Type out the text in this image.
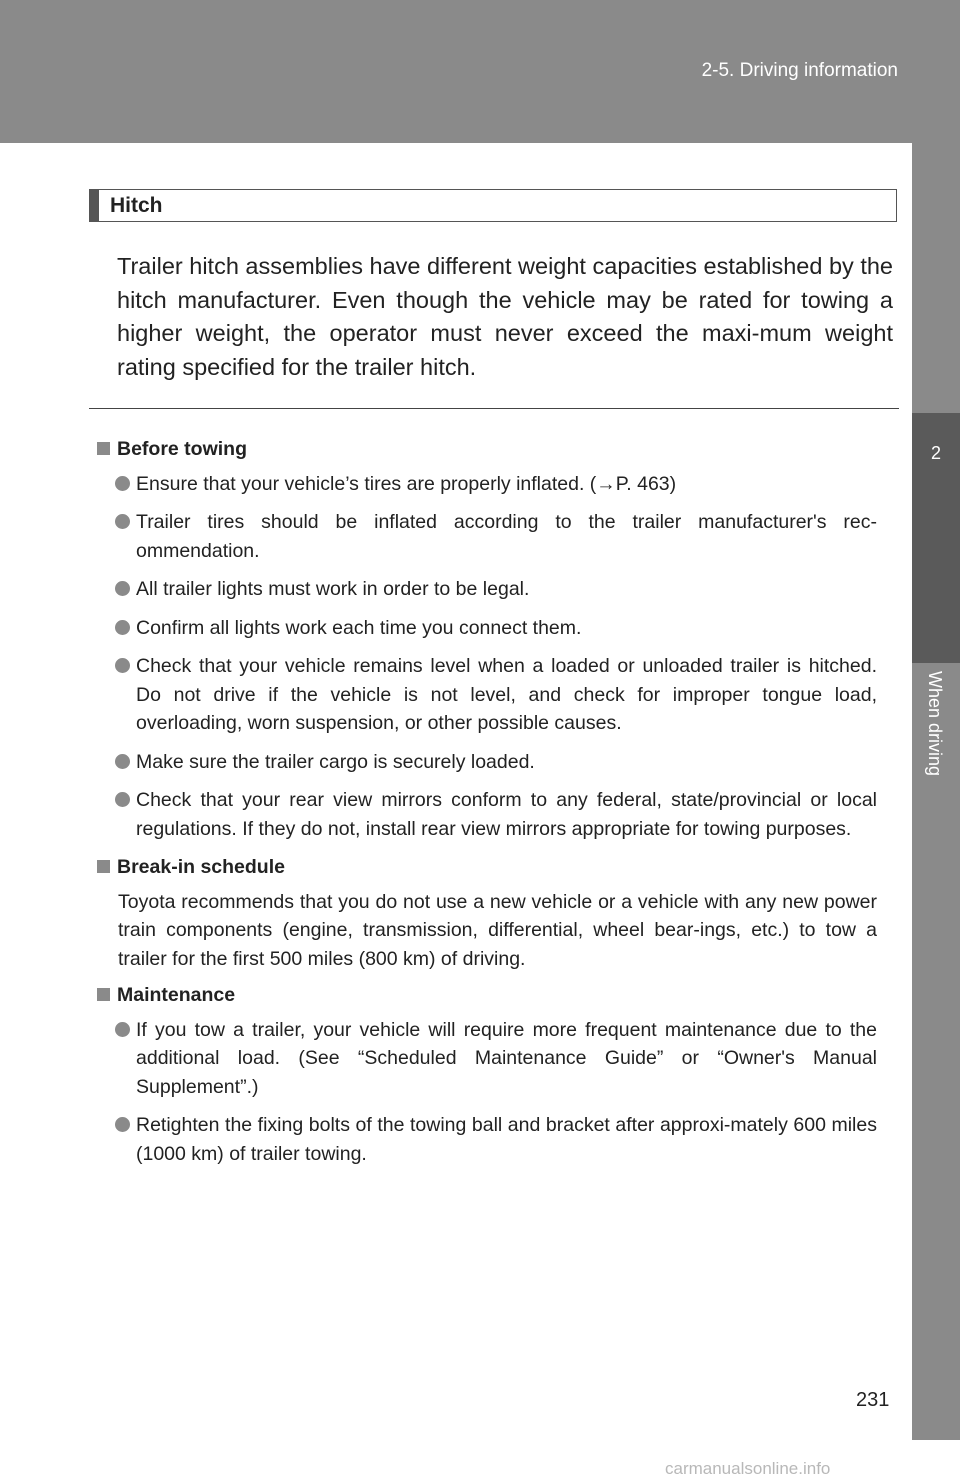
2-5. Driving information
2
When driving
Hitch
Trailer hitch assemblies have different weight capacities established by the hitch manufacturer. Even though the vehicle may be rated for towing a higher weight, the operator must never exceed the maxi-mum weight rating specified for the trailer hitch.
Before towing
Ensure that your vehicle’s tires are properly inflated. (→P. 463)
Trailer tires should be inflated according to the trailer manufacturer's rec-ommendation.
All trailer lights must work in order to be legal.
Confirm all lights work each time you connect them.
Check that your vehicle remains level when a loaded or unloaded trailer is hitched. Do not drive if the vehicle is not level, and check for improper tongue load, overloading, worn suspension, or other possible causes.
Make sure the trailer cargo is securely loaded.
Check that your rear view mirrors conform to any federal, state/provincial or local regulations. If they do not, install rear view mirrors appropriate for towing purposes.
Break-in schedule
Toyota recommends that you do not use a new vehicle or a vehicle with any new power train components (engine, transmission, differential, wheel bear-ings, etc.) to tow a trailer for the first 500 miles (800 km) of driving.
Maintenance
If you tow a trailer, your vehicle will require more frequent maintenance due to the additional load. (See “Scheduled Maintenance Guide” or “Owner's Manual Supplement”.)
Retighten the fixing bolts of the towing ball and bracket after approxi-mately 600 miles (1000 km) of trailer towing.
231
carmanualsonline.info
